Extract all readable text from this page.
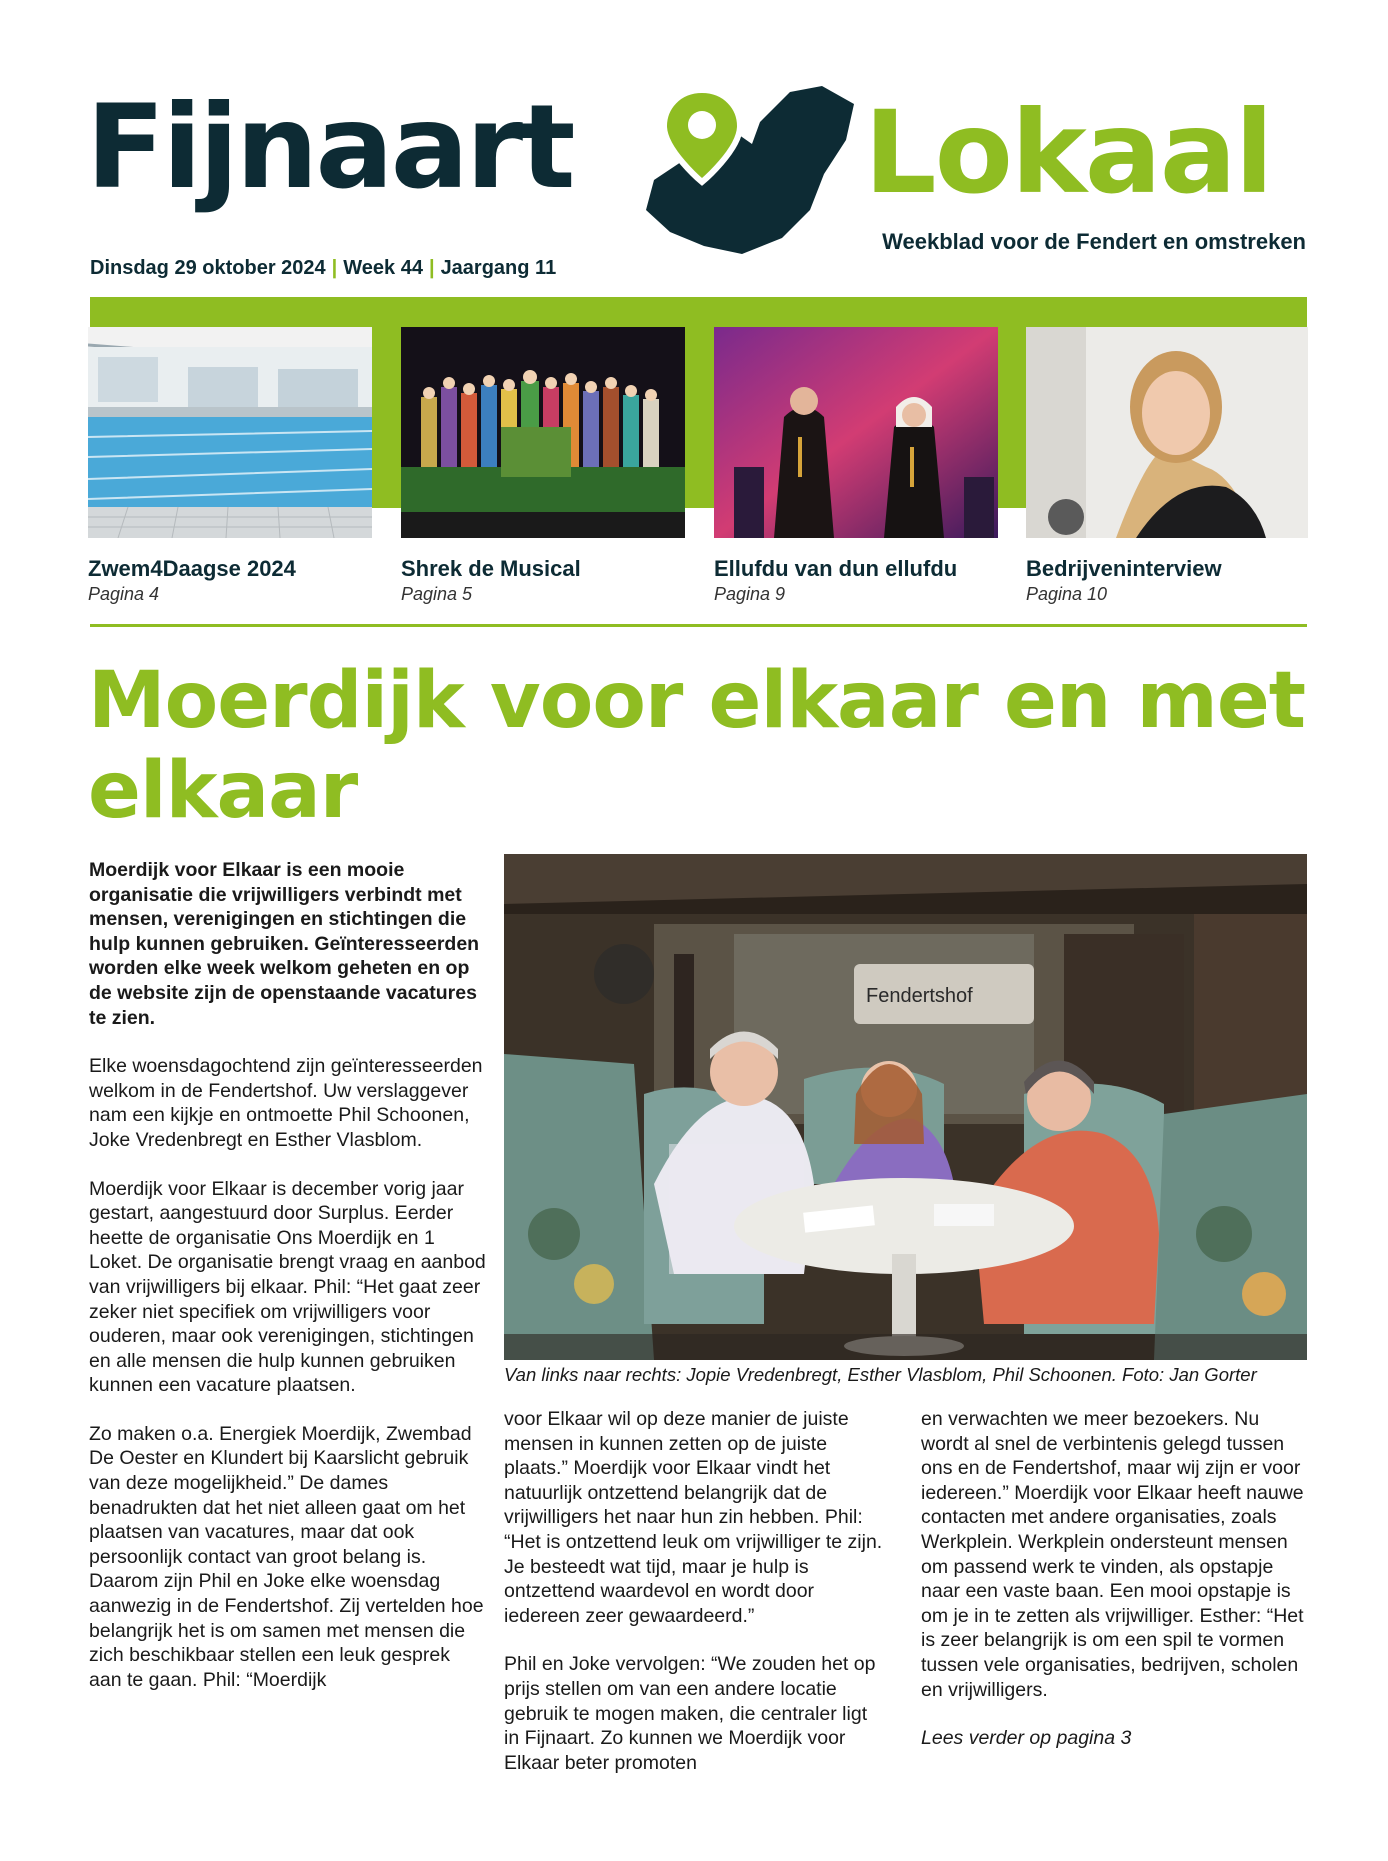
Fijnaart	Lokaal
Weekblad voor de Fendert en omstreken
Dinsdag 29 oktober 2024 | Week 44 | Jaargang 11
Zwem4Daagse 2024
Pagina 4
Shrek de Musical
Pagina 5
Ellufdu van dun ellufdu
Pagina 9
Bedrijveninterview
Pagina 10
Moerdijk voor elkaar en met elkaar

Moerdijk voor Elkaar is een mooie organisatie die vrijwilligers verbindt met mensen, verenigingen en stichtingen die hulp kunnen gebruiken. Geïnteresseerden worden elke week welkom geheten en op de website zijn de openstaande vacatures te zien.

Elke woensdagochtend zijn geïnteresseerden welkom in de Fendertshof. Uw verslaggever nam een kijkje en ontmoette Phil Schoonen, Joke Vredenbregt en Esther Vlasblom.

Moerdijk voor Elkaar is december vorig jaar gestart, aangestuurd door Surplus. Eerder heette de organisatie Ons Moerdijk en 1 Loket. De organisatie brengt vraag en aanbod van vrijwilligers bij elkaar. Phil: “Het gaat zeer zeker niet specifiek om vrijwilligers voor ouderen, maar ook verenigingen, stichtingen en alle mensen die hulp kunnen gebruiken kunnen een vacature plaatsen.

Zo maken o.a. Energiek Moerdijk, Zwembad De Oester en Klundert bij Kaarslicht gebruik van deze mogelijkheid.” De dames benadrukten dat het niet alleen gaat om het plaatsen van vacatures, maar dat ook persoonlijk contact van groot belang is. Daarom zijn Phil en Joke elke woensdag aanwezig in de Fendertshof. Zij vertelden hoe belangrijk het is om samen met mensen die zich beschikbaar stellen een leuk gesprek aan te gaan. Phil: “Moerdijk

Fendertshof
Van links naar rechts: Jopie Vredenbregt, Esther Vlasblom, Phil Schoonen. Foto: Jan Gorter

voor Elkaar wil op deze manier de juiste mensen in kunnen zetten op de juiste plaats.” Moerdijk voor Elkaar vindt het natuurlijk ontzettend belangrijk dat de vrijwilligers het naar hun zin hebben. Phil: “Het is ontzettend leuk om vrijwilliger te zijn. Je besteedt wat tijd, maar je hulp is ontzettend waardevol en wordt door iedereen zeer gewaardeerd.”

Phil en Joke vervolgen: “We zouden het op prijs stellen om van een andere locatie gebruik te mogen maken, die centraler ligt in Fijnaart. Zo kunnen we Moerdijk voor Elkaar beter promoten

en verwachten we meer bezoekers. Nu wordt al snel de verbintenis gelegd tussen ons en de Fendertshof, maar wij zijn er voor iedereen.” Moerdijk voor Elkaar heeft nauwe contacten met andere organisaties, zoals Werkplein. Werkplein ondersteunt mensen om passend werk te vinden, als opstapje naar een vaste baan. Een mooi opstapje is om je in te zetten als vrijwilliger. Esther: “Het is zeer belangrijk is om een spil te vormen tussen vele organisaties, bedrijven, scholen en vrijwilligers.

Lees verder op pagina 3
